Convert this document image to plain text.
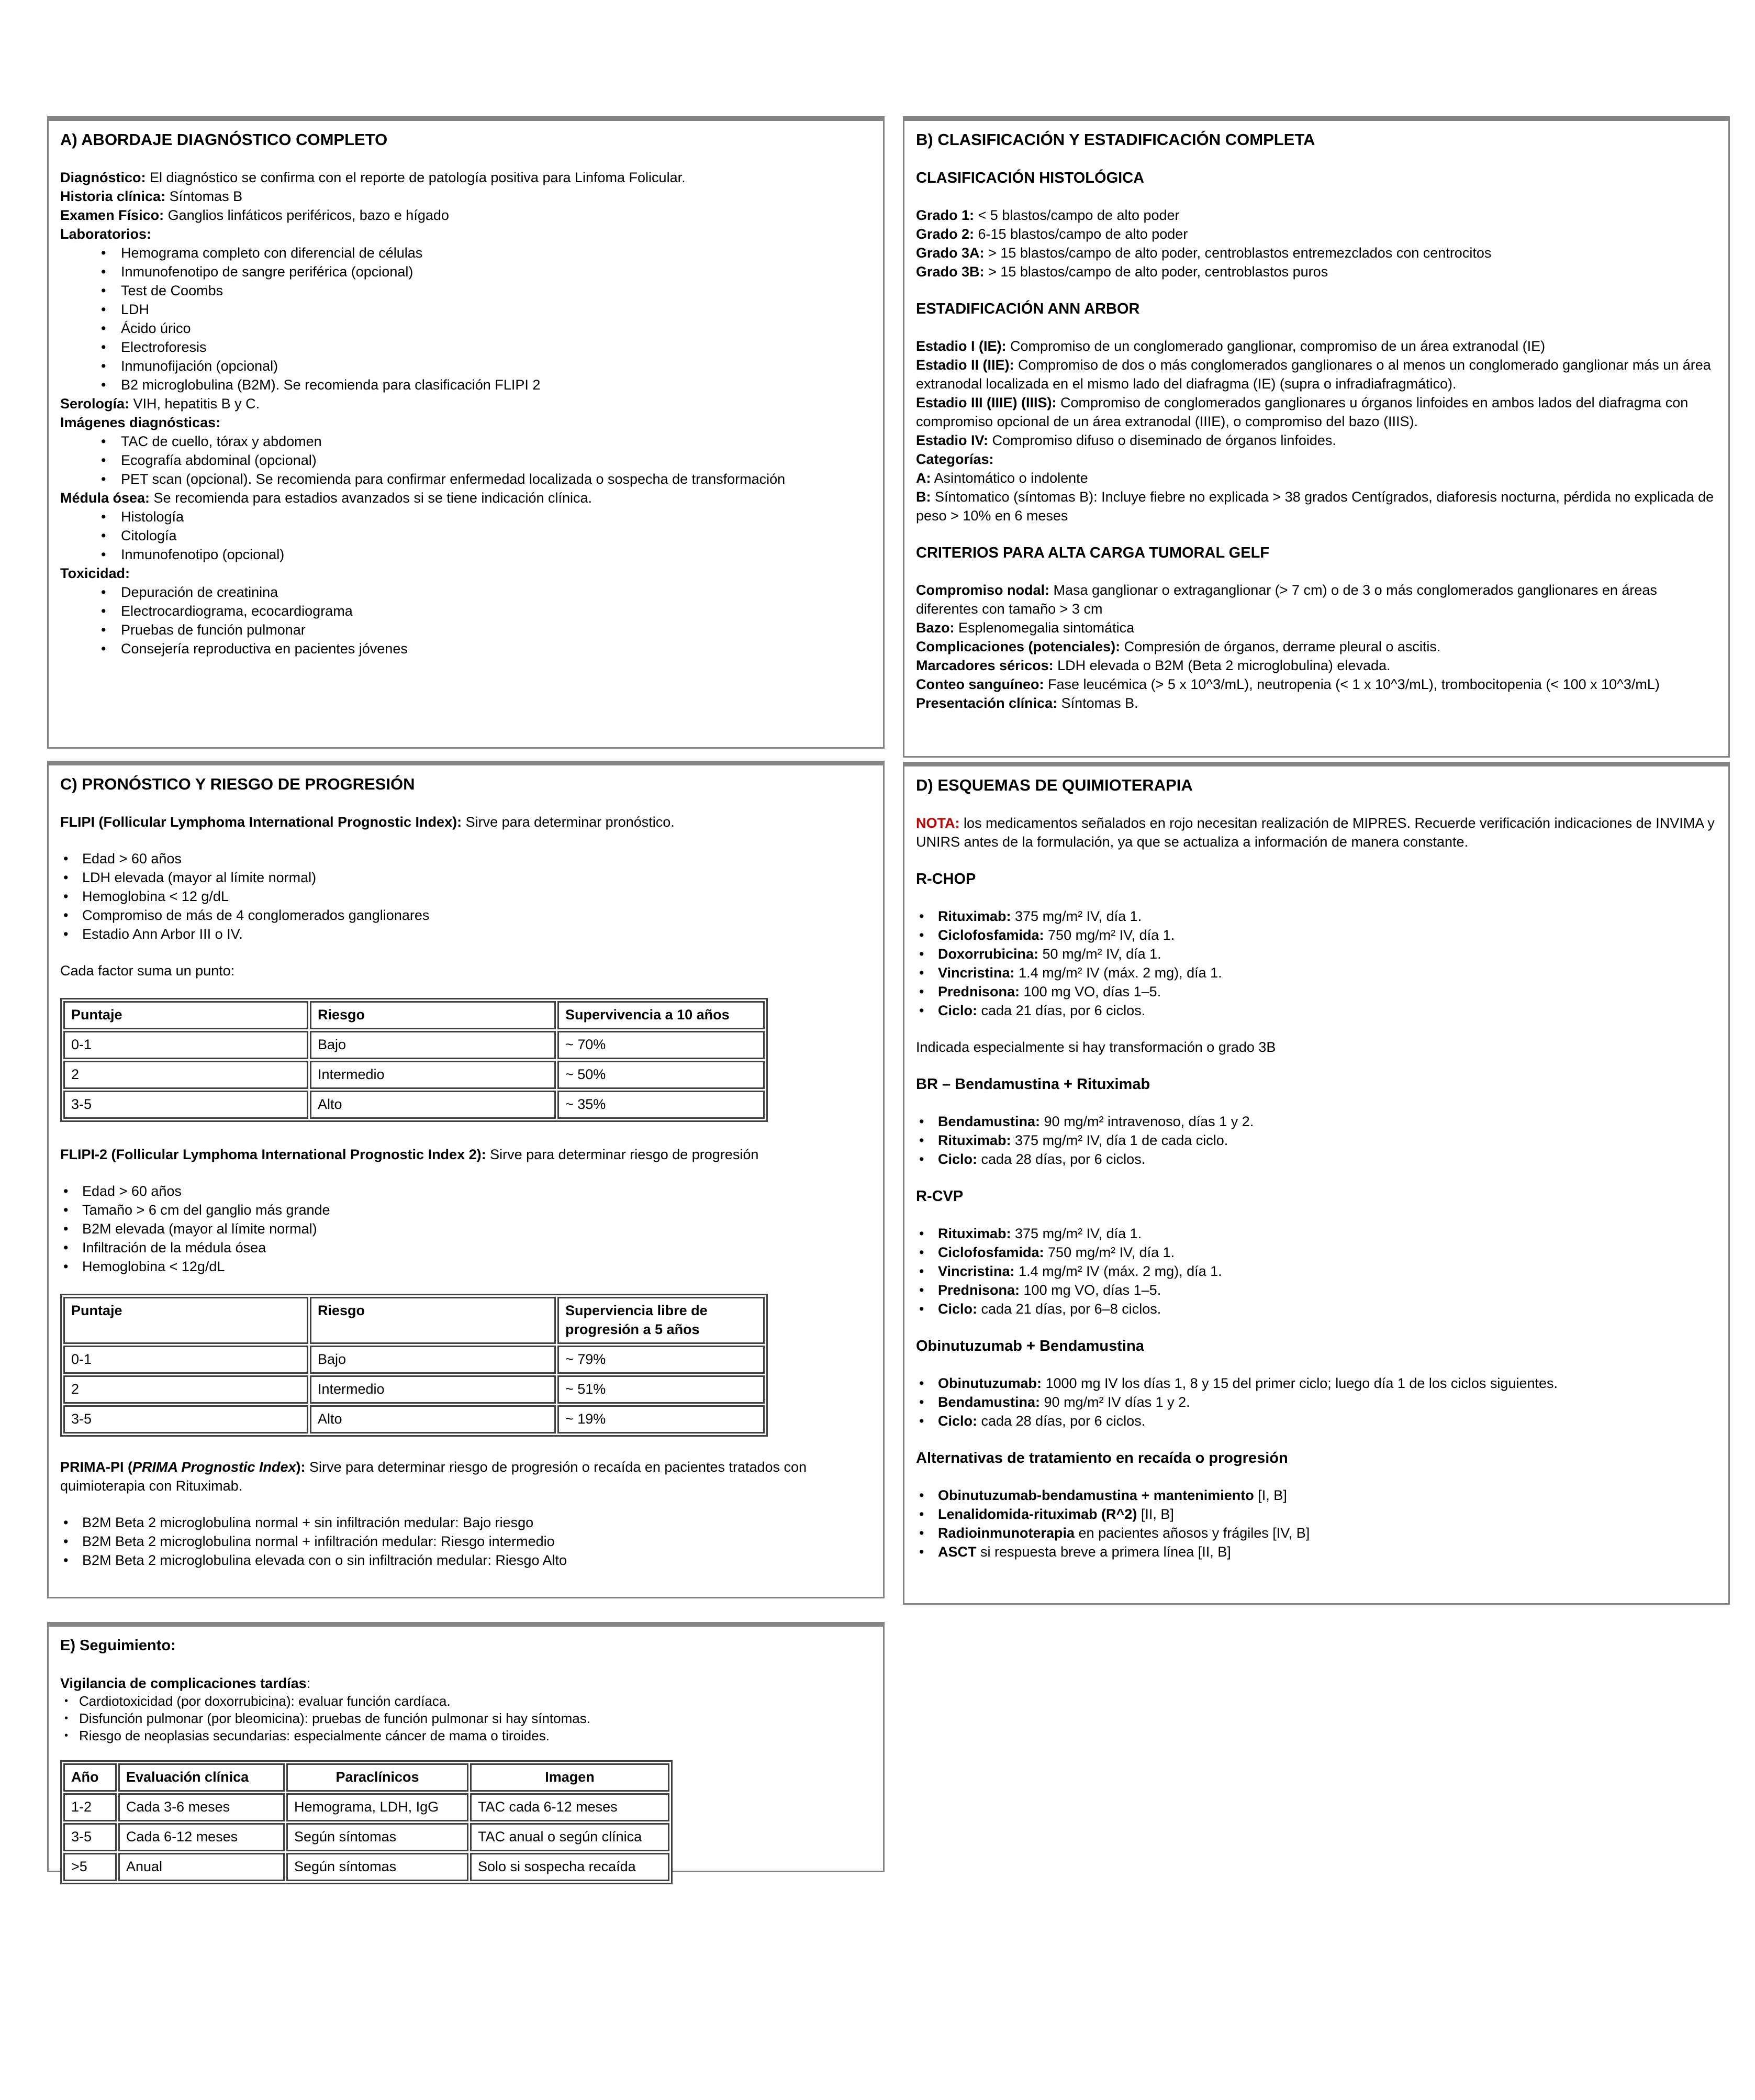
A) ABORDAJE DIAGNÓSTICO COMPLETO

Diagnóstico: El diagnóstico se confirma con el reporte de patología positiva para Linfoma Folicular.

Historia clínica: Síntomas B

Examen Físico: Ganglios linfáticos periféricos, bazo e hígado

Laboratorios:

• Hemograma completo con diferencial de células
• Inmunofenotipo de sangre periférica (opcional)
• Test de Coombs
• LDH
• Ácido úrico
• Electroforesis
• Inmunofijación (opcional)
• B2 microglobulina (B2M). Se recomienda para clasificación FLIPI 2

Serología: VIH, hepatitis B y C.

Imágenes diagnósticas:

• TAC de cuello, tórax y abdomen
• Ecografía abdominal (opcional)
• PET scan (opcional). Se recomienda para confirmar enfermedad localizada o sospecha de transformación

Médula ósea: Se recomienda para estadios avanzados si se tiene indicación clínica.

• Histología
• Citología
• Inmunofenotipo (opcional)

Toxicidad:

• Depuración de creatinina
• Electrocardiograma, ecocardiograma
• Pruebas de función pulmonar
• Consejería reproductiva en pacientes jóvenes
B) CLASIFICACIÓN Y ESTADIFICACIÓN COMPLETA

CLASIFICACIÓN HISTOLÓGICA

Grado 1: < 5 blastos/campo de alto poder

Grado 2: 6-15 blastos/campo de alto poder

Grado 3A: > 15 blastos/campo de alto poder, centroblastos entremezclados con centrocitos

Grado 3B: > 15 blastos/campo de alto poder, centroblastos puros

ESTADIFICACIÓN ANN ARBOR

Estadio I (IE): Compromiso de un conglomerado ganglionar, compromiso de un área extranodal (IE)

Estadio II (IIE): Compromiso de dos o más conglomerados ganglionares o al menos un conglomerado ganglionar más un área extranodal localizada en el mismo lado del diafragma (IE) (supra o infradiafragmático).

Estadio III (IIIE) (IIIS): Compromiso de conglomerados ganglionares u órganos linfoides en ambos lados del diafragma con compromiso opcional de un área extranodal (IIIE), o compromiso del bazo (IIIS).

Estadio IV: Compromiso difuso o diseminado de órganos linfoides.

Categorías:

A: Asintomático o indolente

B: Síntomatico (síntomas B): Incluye fiebre no explicada > 38 grados Centígrados, diaforesis nocturna, pérdida no explicada de peso > 10% en 6 meses

CRITERIOS PARA ALTA CARGA TUMORAL GELF

Compromiso nodal: Masa ganglionar o extraganglionar (> 7 cm) o de 3 o más conglomerados ganglionares en áreas diferentes con tamaño > 3 cm

Bazo: Esplenomegalia sintomática

Complicaciones (potenciales): Compresión de órganos, derrame pleural o ascitis.

Marcadores séricos: LDH elevada o B2M (Beta 2 microglobulina) elevada.

Conteo sanguíneo: Fase leucémica (> 5 x 10^3/mL), neutropenia (< 1 x 10^3/mL), trombocitopenia (< 100 x 10^3/mL)

Presentación clínica: Síntomas B.

C) PRONÓSTICO Y RIESGO DE PROGRESIÓN

FLIPI (Follicular Lymphoma International Prognostic Index): Sirve para determinar pronóstico.

• Edad > 60 años
• LDH elevada (mayor al límite normal)
• Hemoglobina < 12 g/dL
• Compromiso de más de 4 conglomerados ganglionares
• Estadio Ann Arbor III o IV.

Cada factor suma un punto:

Puntaje	Riesgo	Supervivencia a 10 años
0-1	Bajo	~ 70%
2	Intermedio	~ 50%
3-5	Alto	~ 35%

FLIPI-2 (Follicular Lymphoma International Prognostic Index 2): Sirve para determinar riesgo de progresión

• Edad > 60 años
• Tamaño > 6 cm del ganglio más grande
• B2M elevada (mayor al límite normal)
• Infiltración de la médula ósea
• Hemoglobina < 12g/dL
Puntaje	Riesgo	Superviencia libre de progresión a 5 años
0-1	Bajo	~ 79%
2	Intermedio	~ 51%
3-5	Alto	~ 19%

PRIMA-PI (PRIMA Prognostic Index): Sirve para determinar riesgo de progresión o recaída en pacientes tratados con quimioterapia con Rituximab.

• B2M Beta 2 microglobulina normal + sin infiltración medular: Bajo riesgo
• B2M Beta 2 microglobulina normal + infiltración medular: Riesgo intermedio
• B2M Beta 2 microglobulina elevada con o sin infiltración medular: Riesgo Alto
D) ESQUEMAS DE QUIMIOTERAPIA

NOTA: los medicamentos señalados en rojo necesitan realización de MIPRES. Recuerde verificación indicaciones de INVIMA y UNIRS antes de la formulación, ya que se actualiza a información de manera constante.

R-CHOP

• Rituximab: 375 mg/m² IV, día 1.
• Ciclofosfamida: 750 mg/m² IV, día 1.
• Doxorrubicina: 50 mg/m² IV, día 1.
• Vincristina: 1.4 mg/m² IV (máx. 2 mg), día 1.
• Prednisona: 100 mg VO, días 1–5.
• Ciclo: cada 21 días, por 6 ciclos.

Indicada especialmente si hay transformación o grado 3B

BR – Bendamustina + Rituximab

• Bendamustina: 90 mg/m² intravenoso, días 1 y 2.
• Rituximab: 375 mg/m² IV, día 1 de cada ciclo.
• Ciclo: cada 28 días, por 6 ciclos.

R-CVP

• Rituximab: 375 mg/m² IV, día 1.
• Ciclofosfamida: 750 mg/m² IV, día 1.
• Vincristina: 1.4 mg/m² IV (máx. 2 mg), día 1.
• Prednisona: 100 mg VO, días 1–5.
• Ciclo: cada 21 días, por 6–8 ciclos.

Obinutuzumab + Bendamustina

• Obinutuzumab: 1000 mg IV los días 1, 8 y 15 del primer ciclo; luego día 1 de los ciclos siguientes.
• Bendamustina: 90 mg/m² IV días 1 y 2.
• Ciclo: cada 28 días, por 6 ciclos.

Alternativas de tratamiento en recaída o progresión

• Obinutuzumab-bendamustina + mantenimiento [I, B]
• Lenalidomida-rituximab (R^2) [II, B]
• Radioinmunoterapia en pacientes añosos y frágiles [IV, B]
• ASCT si respuesta breve a primera línea [II, B]
E) Seguimiento:

Vigilancia de complicaciones tardías:

• Cardiotoxicidad (por doxorrubicina): evaluar función cardíaca.
• Disfunción pulmonar (por bleomicina): pruebas de función pulmonar si hay síntomas.
• Riesgo de neoplasias secundarias: especialmente cáncer de mama o tiroides.
Año	Evaluación clínica	Paraclínicos	Imagen
1-2	Cada 3-6 meses	Hemograma, LDH, IgG	TAC cada 6-12 meses
3-5	Cada 6-12 meses	Según síntomas	TAC anual o según clínica
>5	Anual	Según síntomas	Solo si sospecha recaída
